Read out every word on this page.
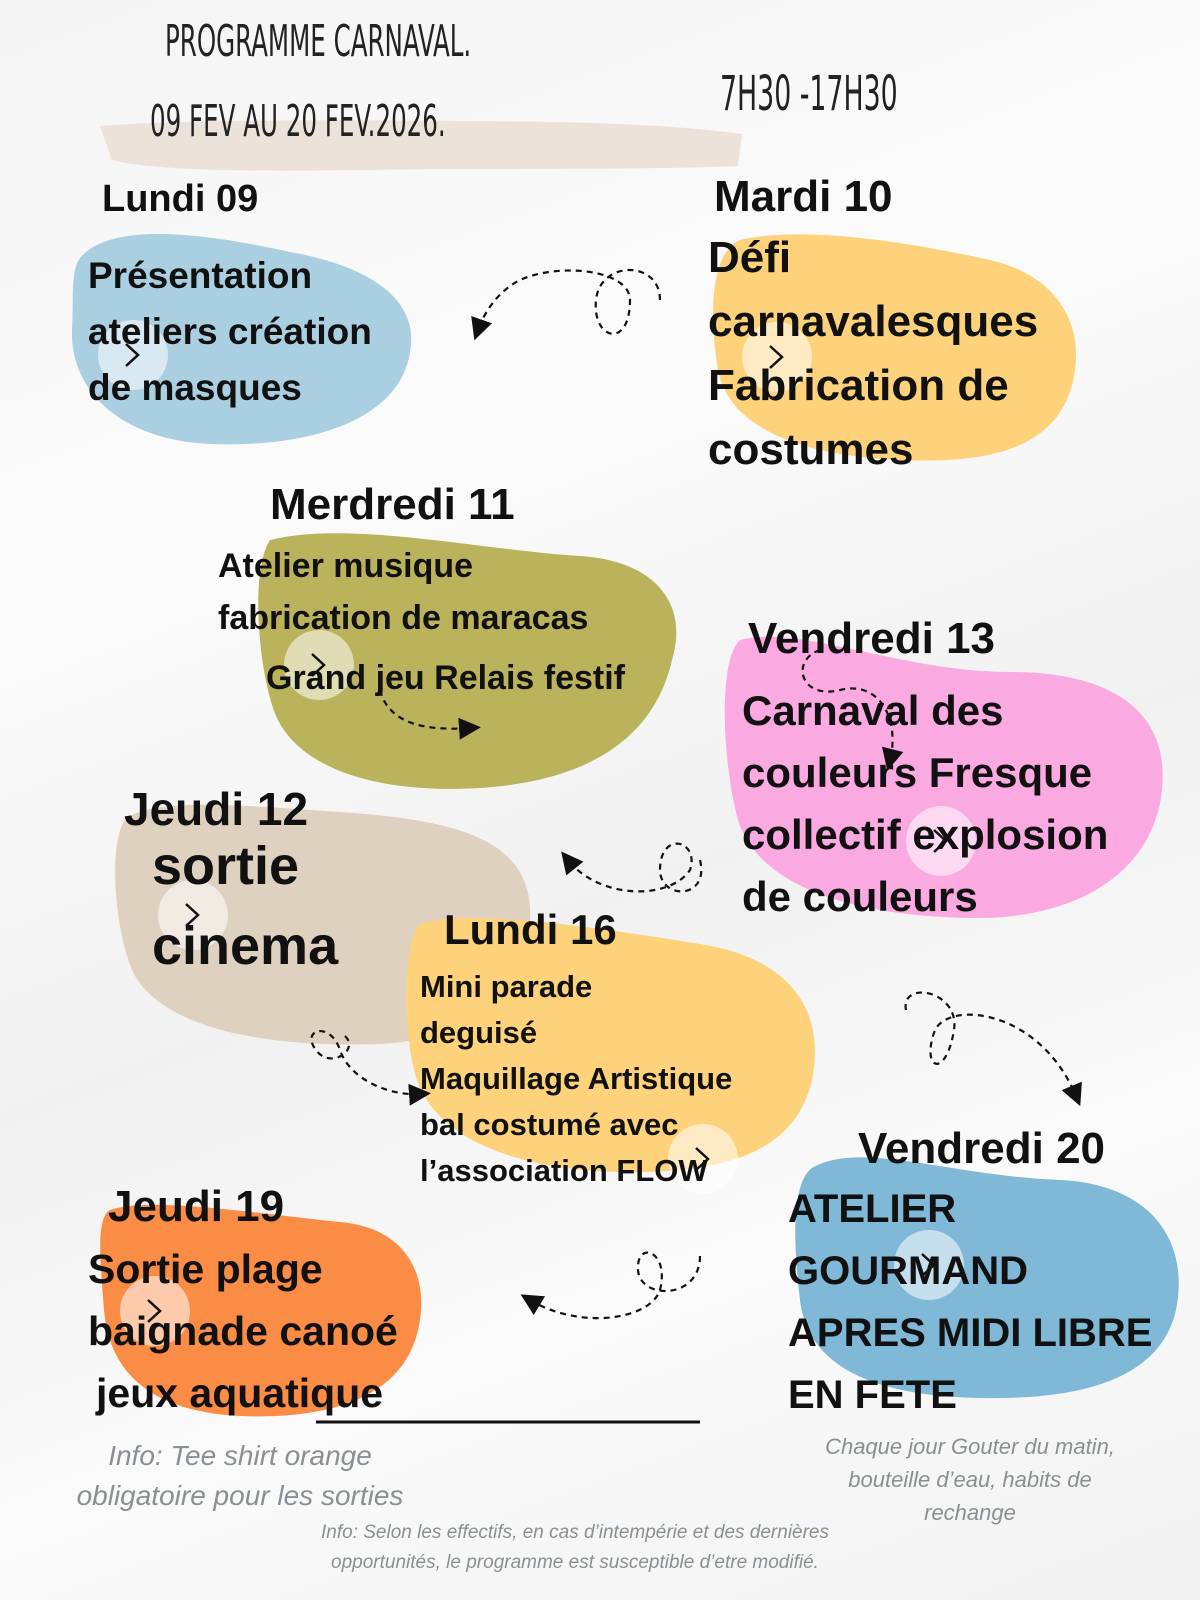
PROGRAMME CARNAVAL.
09 FEV AU 20 FEV.2026.	7H30 -17H30
Lundi 09
Présentation
ateliers création
de masques
Mardi 10
Défi
carnavalesques
Fabrication de
costumes
Merdredi 11
Atelier musique
fabrication de maracas
Grand jeu Relais festif
Vendredi 13
Carnaval des
couleurs Fresque
collectif explosion
de couleurs
Jeudi 12
sortie
cinema	Lundi 16
Mini parade
deguisé
Maquillage Artistique
bal costumé avec
l’association FLOW	Vendredi 20
ATELIER
GOURMAND
APRES MIDI LIBRE
EN FETE
Jeudi 19
Sortie plage
baignade canoé
jeux aquatique
Info: Tee shirt orange
obligatoire pour les sorties
Chaque jour Gouter du matin,
bouteille d’eau, habits de
rechange
Info: Selon les effectifs, en cas d’intempérie et des dernières
opportunités, le programme est susceptible d’etre modifié.
